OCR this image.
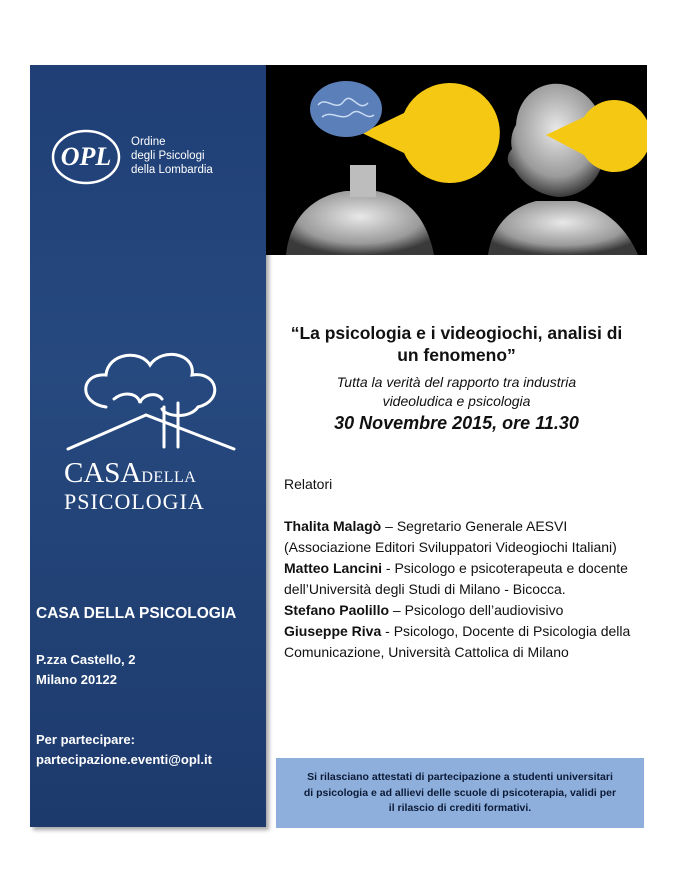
OPL Ordine
degli Psicologi
della Lombardia
CASADELLA
PSICOLOGIA
CASA DELLA PSICOLOGIA
P.zza Castello, 2
Milano 20122
Per partecipare:
partecipazione.eventi@opl.it
“La psicologia e i videogiochi, analisi di
un fenomeno”
Tutta la verità del rapporto tra industria
videoludica e psicologia
30 Novembre 2015, ore 11.30
Relatori
Thalita Malagò – Segretario Generale AESVI (Associazione Editori Sviluppatori Videogiochi Italiani)
Matteo Lancini - Psicologo e psicoterapeuta e docente dell’Università degli Studi di Milano - Bicocca.
Stefano Paolillo – Psicologo dell’audiovisivo
Giuseppe Riva - Psicologo, Docente di Psicologia della Comunicazione, Università Cattolica di Milano
Si rilasciano attestati di partecipazione a studenti universitari
di psicologia e ad allievi delle scuole di psicoterapia, validi per
il rilascio di crediti formativi.
